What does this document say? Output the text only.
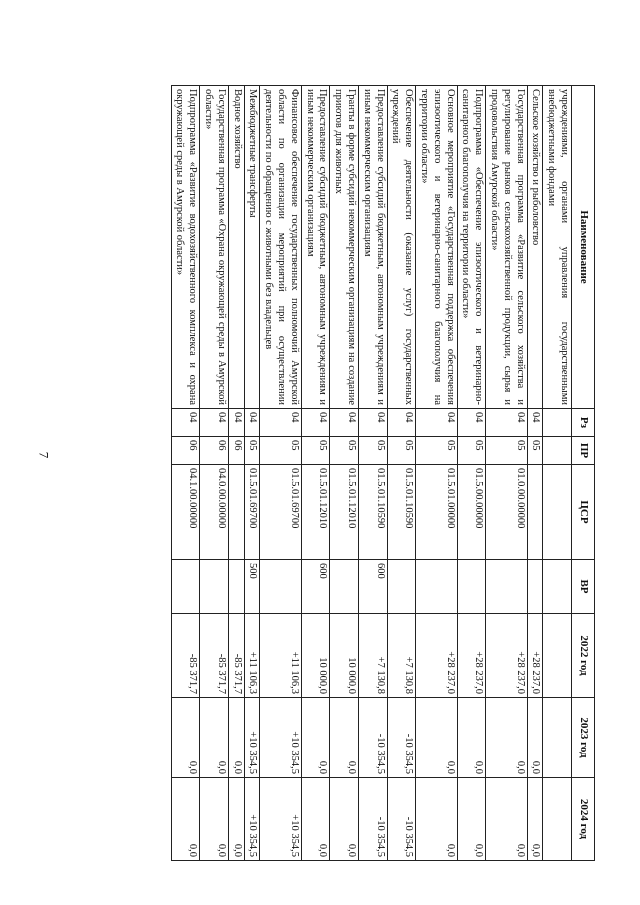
7
Наименование	Рз	ПР	ЦСР	ВР	2022 год	2023 год	2024 год
учреждениями, органами управления государственными внебюджетными фондами							
Сельское хозяйство и рыболовство	04	05			+28 237,0	0,0	0,0
Государственная программа «Развитие сельского хозяйства и регулирование рынков сельскохозяйственной продукции, сырья и продовольствия Амурской области»	04	05	01.0.00.00000		+28 237,0	0,0	0,0
Подпрограмма «Обеспечение эпизоотического и ветеринарно-санитарного благополучия на территории области»	04	05	01.5.00.00000		+28 237,0	0,0	0,0
Основное мероприятие «Государственная поддержка обеспечения эпизоотического и ветеринарно-санитарного благополучия на территории области»	04	05	01.5.01.00000		+28 237,0	0,0	0,0
Обеспечение деятельности (оказание услуг) государственных учреждений	04	05	01.5.01.10590		+7 130,8	-10 354,5	-10 354,5
Предоставление субсидий бюджетным, автономным учреждениям и иным некоммерческим организациям	04	05	01.5.01.10590	600	+7 130,8	-10 354,5	-10 354,5
Гранты в форме субсидий некоммерческим организациям на создание приютов для животных	04	05	01.5.01.12010		10 000,0	0,0	0,0
Предоставление субсидий бюджетным, автономным учреждениям и иным некоммерческим организациям	04	05	01.5.01.12010	600	10 000,0	0,0	0,0
Финансовое обеспечение государственных полномочий Амурской области по организации мероприятий при осуществлении деятельности по обращению с животными без владельцев	04	05	01.5.01.69700		+11 106,3	+10 354,5	+10 354,5
Межбюджетные трансферты	04	05	01.5.01.69700	500	+11 106,3	+10 354,5	+10 354,5
Водное хозяйство	04	06			-85 371,7	0,0	0,0
Государственная программа «Охрана окружающей среды в Амурской области»	04	06	04.0.00.00000		-85 371,7	0,0	0,0
Подпрограмма «Развитие водохозяйственного комплекса и охрана окружающей среды в Амурской области»	04	06	04.1.00.00000		-85 371,7	0,0	0,0
